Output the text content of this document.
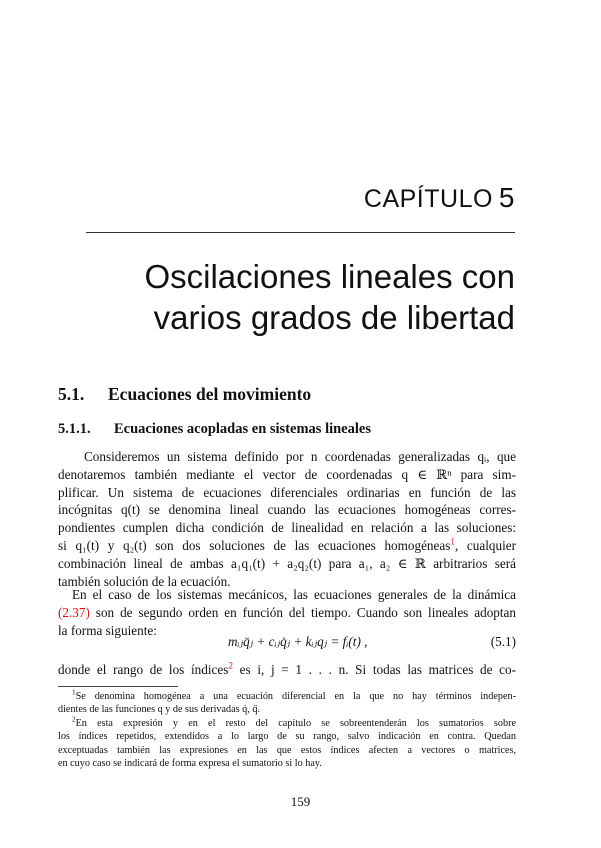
CAPÍTULO 5
Oscilaciones lineales con
varios grados de libertad
5.1. Ecuaciones del movimiento
5.1.1. Ecuaciones acopladas en sistemas lineales
Consideremos un sistema definido por n coordenadas generalizadas qᵢ, que
denotaremos también mediante el vector de coordenadas q ∈ ℝⁿ para sim-
plificar. Un sistema de ecuaciones diferenciales ordinarias en función de las
incógnitas q(t) se denomina lineal cuando las ecuaciones homogéneas corres-
pondientes cumplen dicha condición de linealidad en relación a las soluciones:
si q₁(t) y q₂(t) son dos soluciones de las ecuaciones homogéneas$^1$, cualquier
combinación lineal de ambas a₁q₁(t) + a₂q₂(t) para a₁, a₂ ∈ ℝ arbitrarios será
también solución de la ecuación.
En el caso de los sistemas mecánicos, las ecuaciones generales de la dinámica
(2.37) son de segundo orden en función del tiempo. Cuando son lineales adoptan
la forma siguiente:
mᵢⱼq̈ⱼ + cᵢⱼq̇ⱼ + kᵢⱼqⱼ = fᵢ(t) ,	(5.1)
donde el rango de los índices$^2$ es i, j = 1 . . . n. Si todas las matrices de co-
$^1$Se denomina homogénea a una ecuación diferencial en la que no hay términos indepen-
dientes de las funciones q y de sus derivadas q̇, q̈.
$^2$En esta expresión y en el resto del capítulo se sobreentenderán los sumatorios sobre
los índices repetidos, extendidos a lo largo de su rango, salvo indicación en contra. Quedan
exceptuadas también las expresiones en las que estos índices afecten a vectores o matrices,
en cuyo caso se indicará de forma expresa el sumatorio si lo hay.
159
